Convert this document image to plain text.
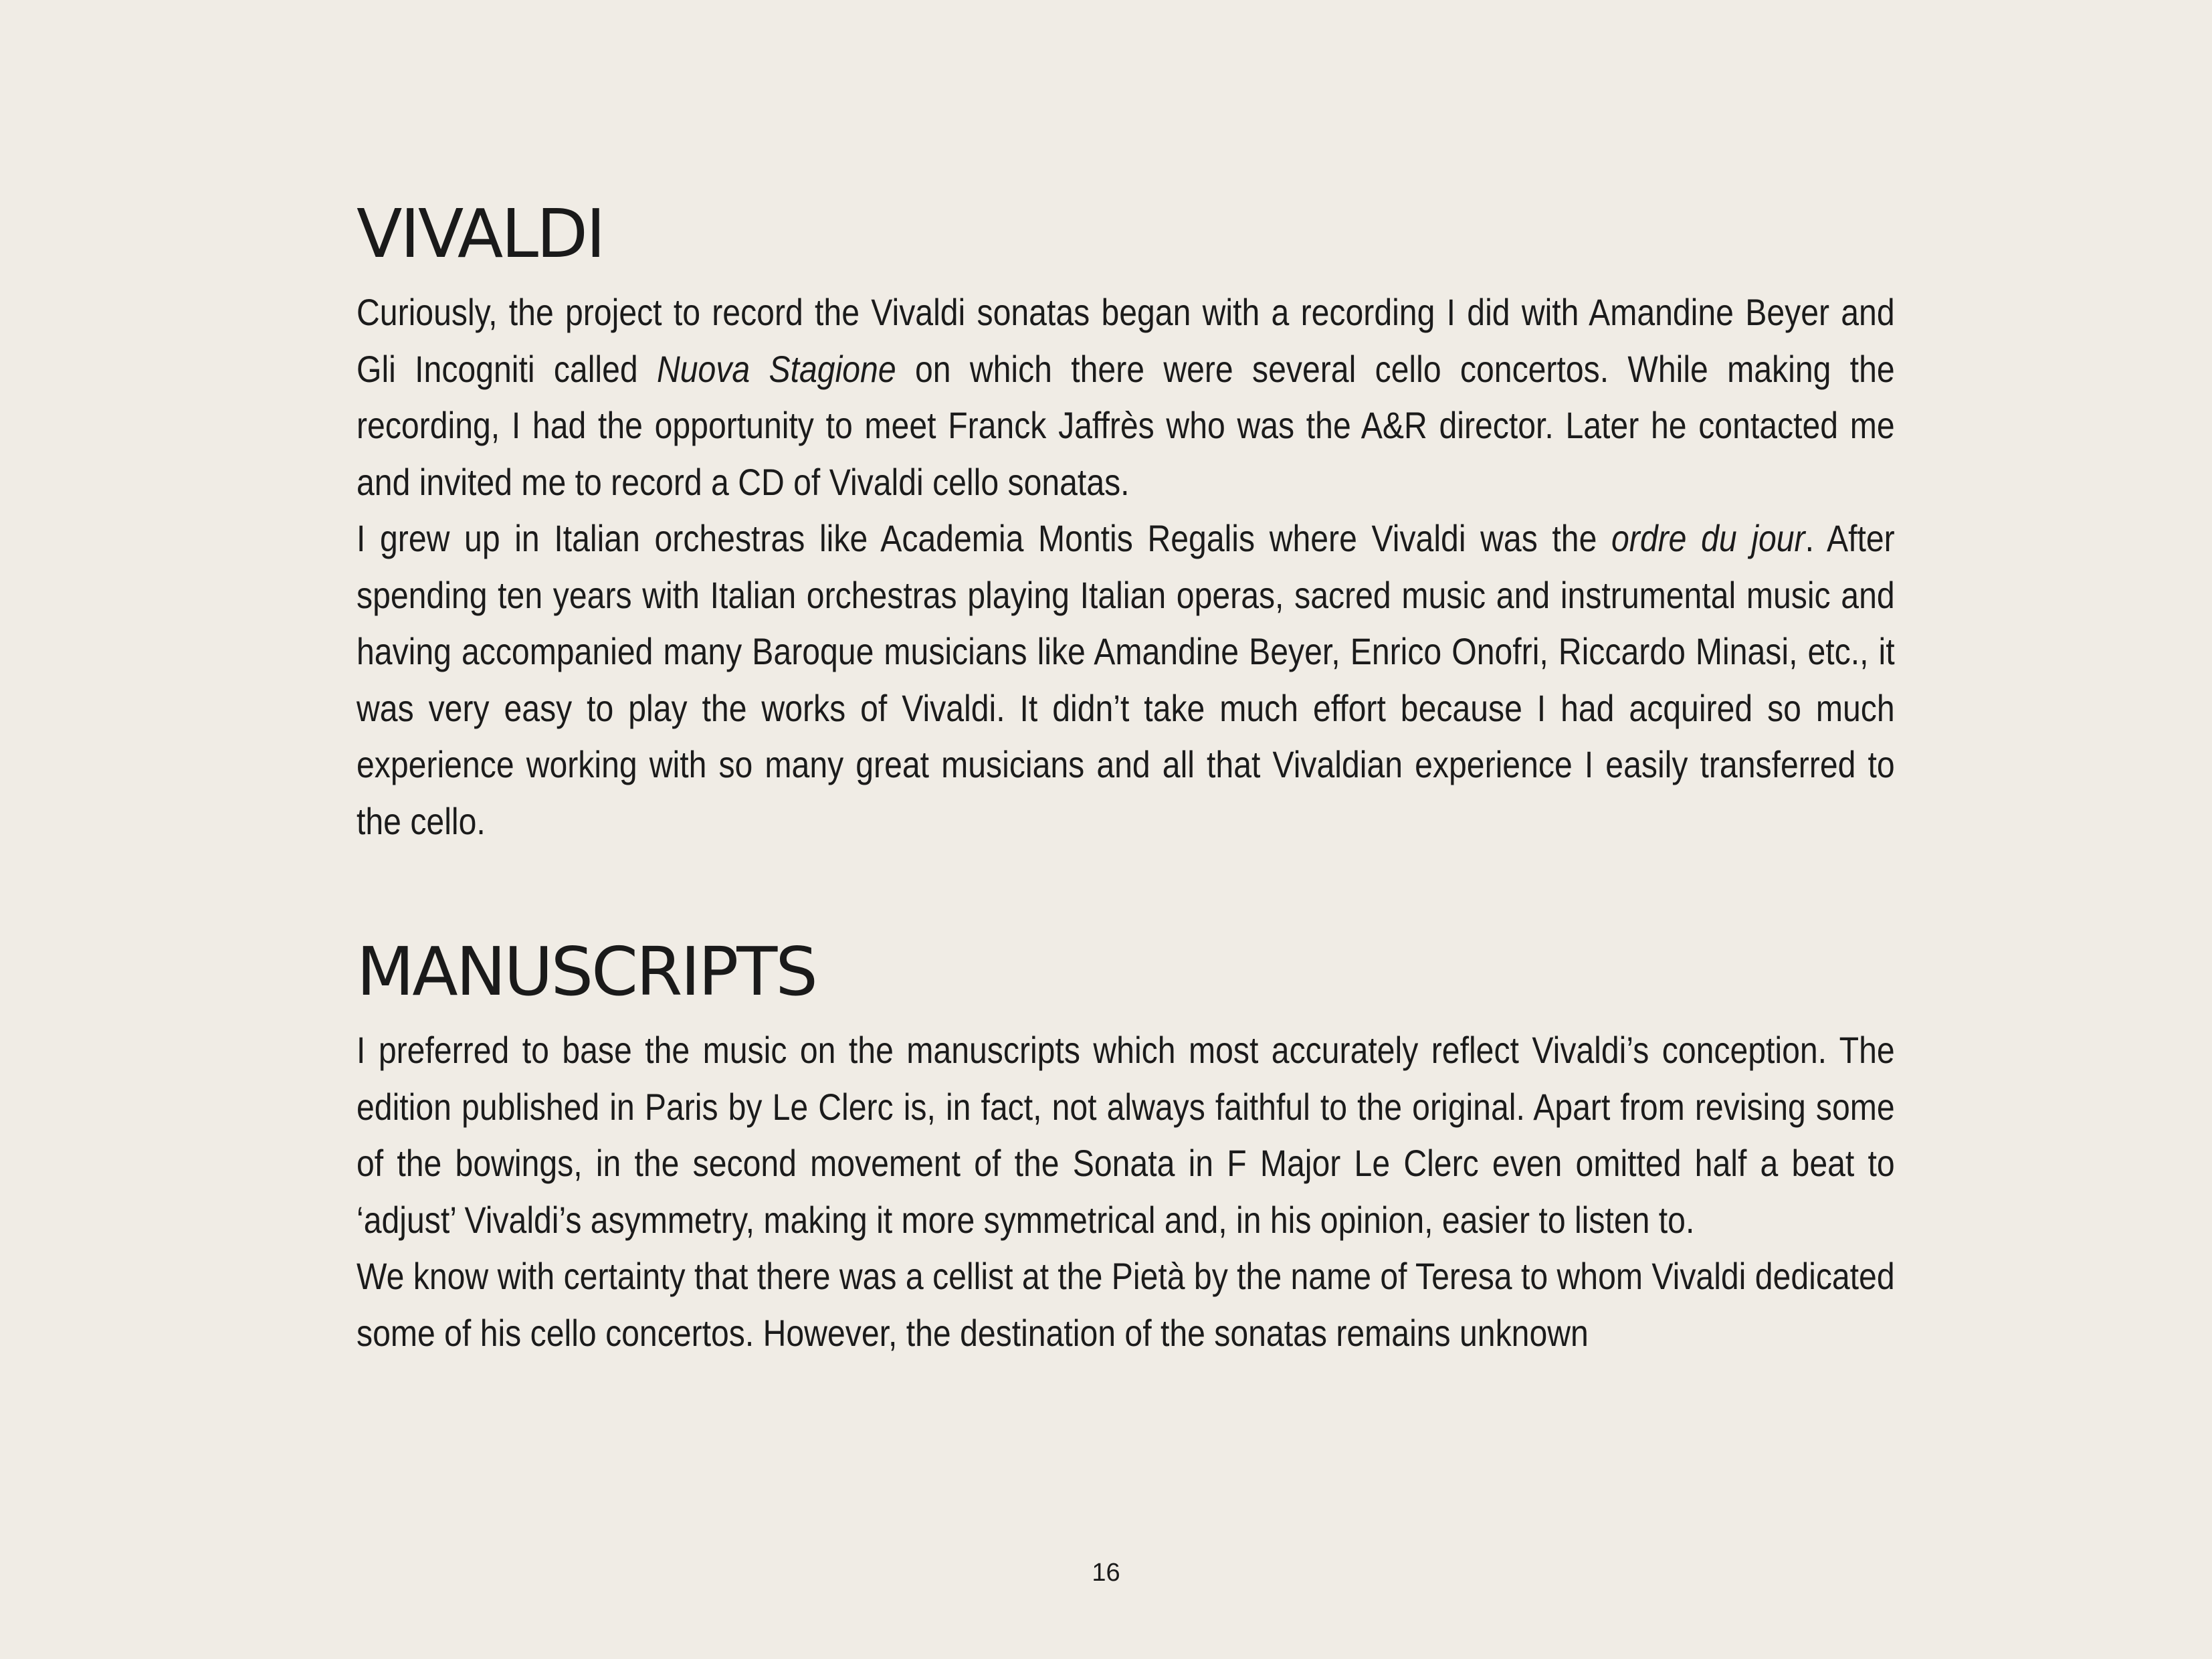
VIVALDI

Curiously, the project to record the Vivaldi sonatas began with a recording I did with Amandine Beyer and Gli Incogniti called Nuova Stagione on which there were several cello concertos. While making the recording, I had the opportunity to meet Franck Jaffrès who was the A&R director. Later he contacted me and invited me to record a CD of Vivaldi cello sonatas.

I grew up in Italian orchestras like Academia Montis Regalis where Vivaldi was the ordre du jour. After spending ten years with Italian orchestras playing Italian operas, sacred music and instrumental music and having accompanied many Baroque musicians like Amandine Beyer, Enrico Onofri, Riccardo Minasi, etc., it was very easy to play the works of Vivaldi. It didn’t take much effort because I had acquired so much experience working with so many great musicians and all that Vivaldian experience I easily transferred to the cello.

MANUSCRIPTS

I preferred to base the music on the manuscripts which most accurately reflect Vivaldi’s conception. The edition published in Paris by Le Clerc is, in fact, not always faithful to the original. Apart from revising some of the bowings, in the second movement of the Sonata in F Major Le Clerc even omitted half a beat to ‘adjust’ Vivaldi’s asymmetry, making it more symmetrical and, in his opinion, easier to listen to.

We know with certainty that there was a cellist at the Pietà by the name of Teresa to whom Vivaldi dedicated some of his cello concertos. However, the destination of the sonatas remains unknown

16
